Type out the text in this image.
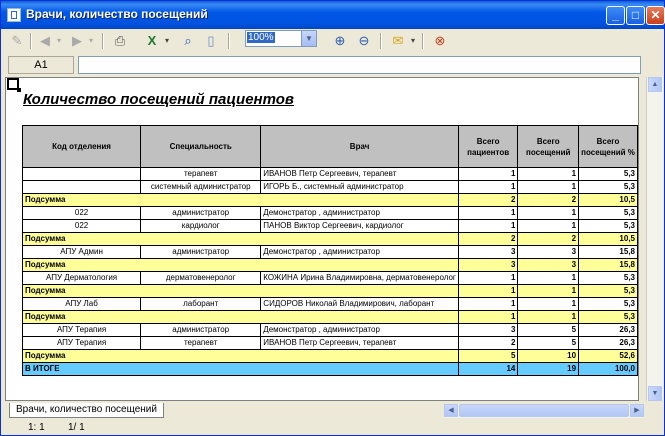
Врачи, количество посещений	_	□ ✕
✎	◀ ▾ ▶ ▾	⎙	X	▾	⌕	▯	⊕	⊖	✉ ▾	⊗
100%	▼
A1
Количество посещений пациентов
Код отделения	Специальность	Врач	Всего пациентов	Всего посещений	Всего посещений %
	терапевт	ИВАНОВ Петр Сергеевич, терапевт	1	1	5,3
	системный администратор	ИГОРЬ Б., системный администратор	1	1	5,3
Подсумма			2	2	10,5
022	администратор	Демонстратор , администратор	1	1	5,3
022	кардиолог	ПАНОВ Виктор Сергеевич, кардиолог	1	1	5,3
Подсумма			2	2	10,5
АПУ Админ	администратор	Демонстратор , администратор	3	3	15,8
Подсумма			3	3	15,8
АПУ Дерматология	дерматовенеролог	КОЖИНА Ирина Владимировна, дерматовенеролог	1	1	5,3
Подсумма			1	1	5,3
АПУ Лаб	лаборант	СИДОРОВ Николай Владимирович, лаборант	1	1	5,3
Подсумма			1	1	5,3
АПУ Терапия	администратор	Демонстратор , администратор	3	5	26,3
АПУ Терапия	терапевт	ИВАНОВ Петр Сергеевич, терапевт	2	5	26,3
Подсумма			5	10	52,6
В ИТОГЕ			14	19	100,0
▲
▼
Врачи, количество посещений	◀	▶
1: 1 1/ 1
